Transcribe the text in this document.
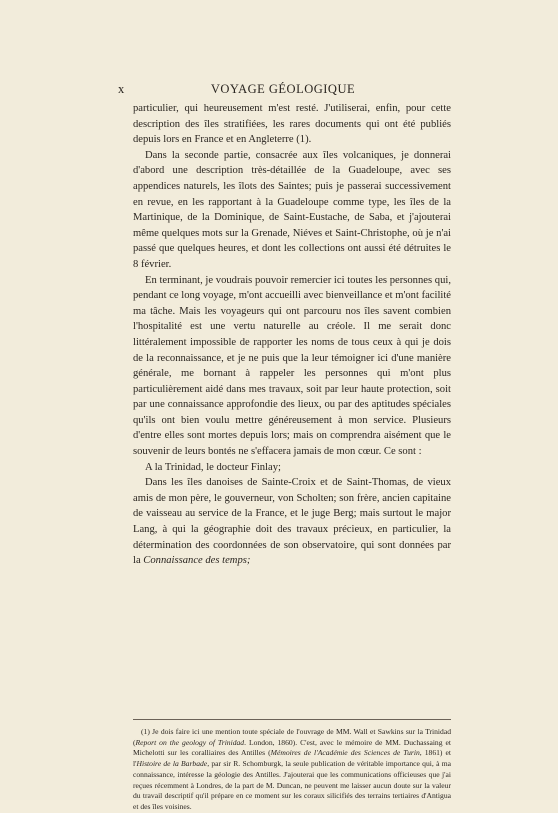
x	VOYAGE GÉOLOGIQUE

particulier, qui heureusement m'est resté. J'utiliserai, enfin, pour cette description des îles stratifiées, les rares documents qui ont été publiés depuis lors en France et en Angleterre (1).

Dans la seconde partie, consacrée aux îles volcaniques, je donnerai d'abord une description très-détaillée de la Guadeloupe, avec ses appendices naturels, les îlots des Saintes; puis je passerai successivement en revue, en les rapportant à la Guadeloupe comme type, les îles de la Martinique, de la Dominique, de Saint-Eustache, de Saba, et j'ajouterai même quelques mots sur la Grenade, Niéves et Saint-Christophe, où je n'ai passé que quelques heures, et dont les collections ont aussi été détruites le 8 février.

En terminant, je voudrais pouvoir remercier ici toutes les personnes qui, pendant ce long voyage, m'ont accueilli avec bienveillance et m'ont facilité ma tâche. Mais les voyageurs qui ont parcouru nos îles savent combien l'hospitalité est une vertu naturelle au créole. Il me serait donc littéralement impossible de rapporter les noms de tous ceux à qui je dois de la reconnaissance, et je ne puis que la leur témoigner ici d'une manière générale, me bornant à rappeler les personnes qui m'ont plus particulièrement aidé dans mes travaux, soit par leur haute protection, soit par une connaissance approfondie des lieux, ou par des aptitudes spéciales qu'ils ont bien voulu mettre généreusement à mon service. Plusieurs d'entre elles sont mortes depuis lors; mais on comprendra aisément que le souvenir de leurs bontés ne s'effacera jamais de mon cœur. Ce sont :

A la Trinidad, le docteur Finlay;

Dans les îles danoises de Sainte-Croix et de Saint-Thomas, de vieux amis de mon père, le gouverneur, von Scholten; son frère, ancien capitaine de vaisseau au service de la France, et le juge Berg; mais surtout le major Lang, à qui la géographie doit des travaux précieux, en particulier, la détermination des coordonnées de son observatoire, qui sont données par la Connaissance des temps;

(1) Je dois faire ici une mention toute spéciale de l'ouvrage de MM. Wall et Sawkins sur la Trinidad (Report on the geology of Trinidad. London, 1860). C'est, avec le mémoire de MM. Duchassaing et Michelotti sur les coralliaires des Antilles (Mémoires de l'Académie des Sciences de Turin, 1861) et l'Histoire de la Barbade, par sir R. Schomburgk, la seule publication de véritable importance qui, à ma connaissance, intéresse la géologie des Antilles. J'ajouterai que les communications officieuses que j'ai reçues récemment à Londres, de la part de M. Duncan, ne peuvent me laisser aucun doute sur la valeur du travail descriptif qu'il prépare en ce moment sur les coraux silicifiés des terrains tertiaires d'Antigua et des îles voisines.
